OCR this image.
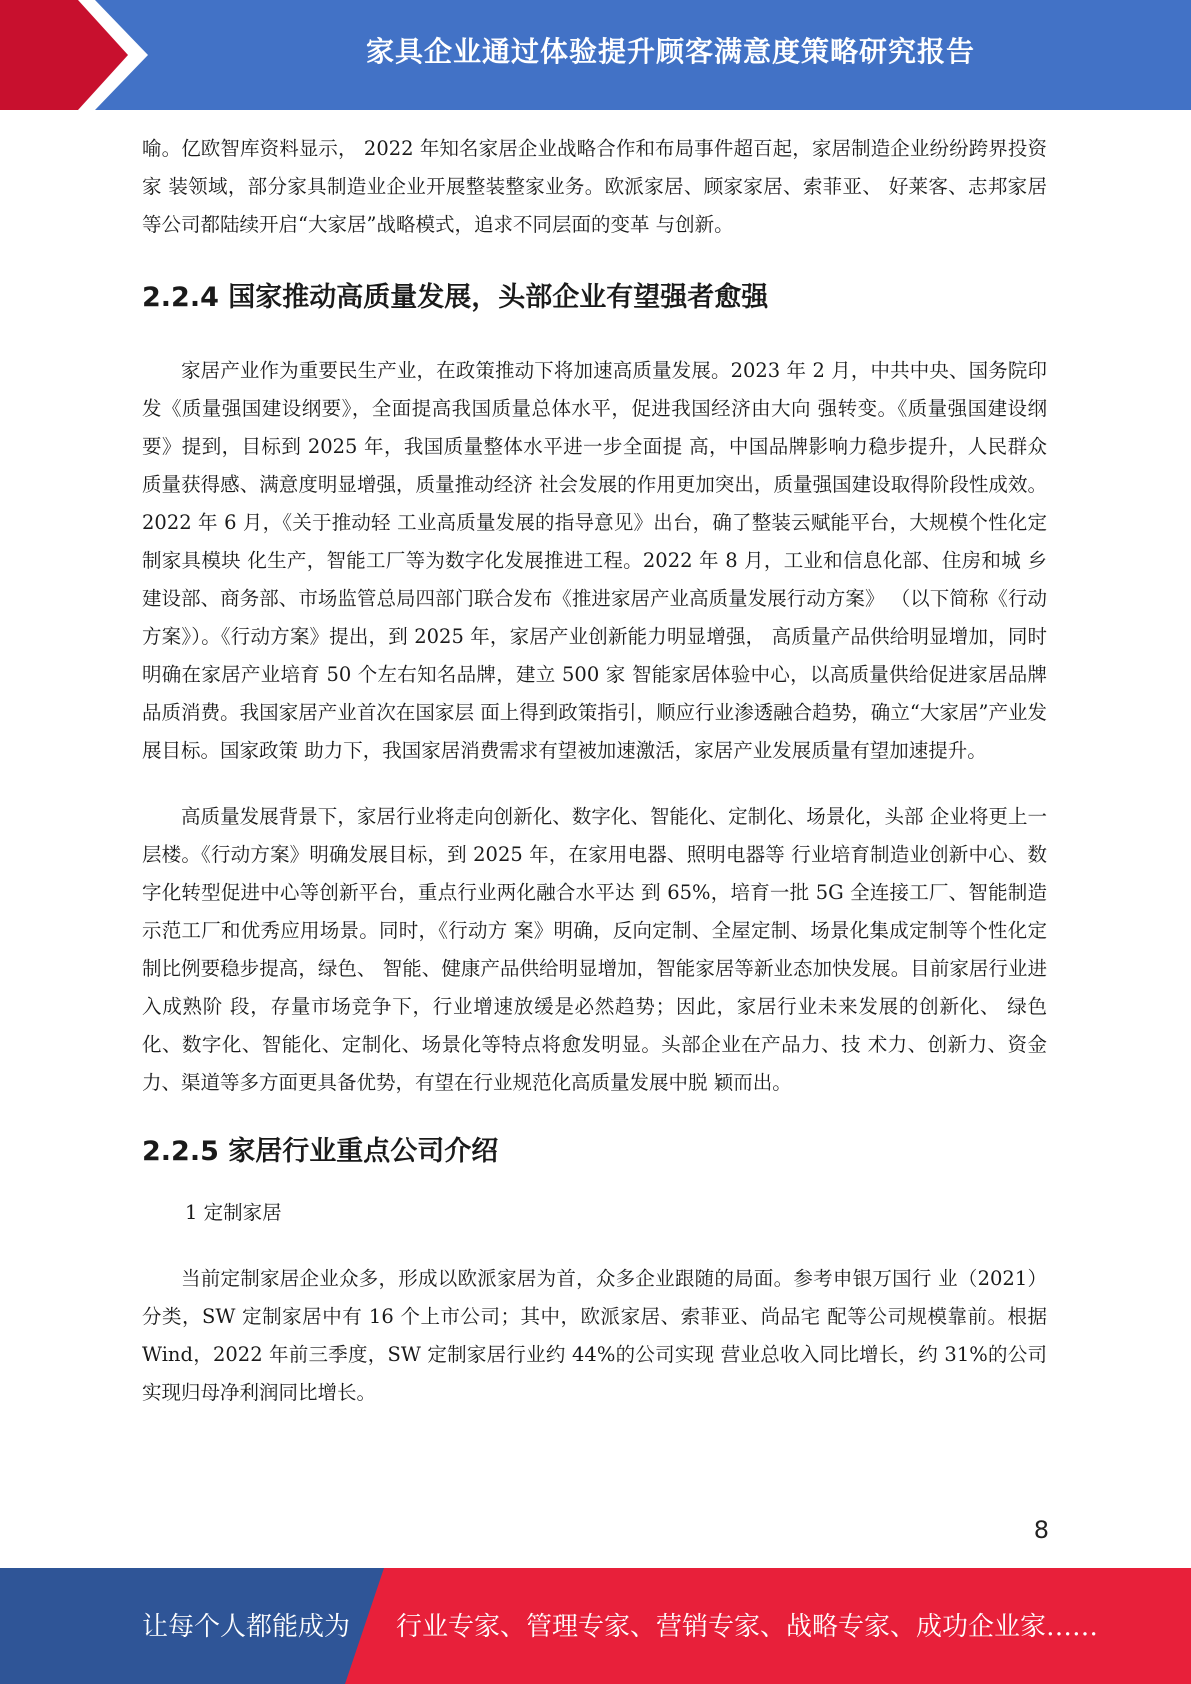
家具企业通过体验提升顾客满意度策略研究报告

喻。亿欧智库资料显示， 2022 年知名家居企业战略合作和布局事件超百起，家居制造企业纷纷跨界投资家 装领域，部分家具制造业企业开展整装整家业务。欧派家居、顾家家居、索菲亚、 好莱客、志邦家居等公司都陆续开启“大家居”战略模式，追求不同层面的变革 与创新。

2.2.4 国家推动高质量发展，头部企业有望强者愈强

家居产业作为重要民生产业，在政策推动下将加速高质量发展。2023 年 2 月，中共中央、国务院印发《质量强国建设纲要》，全面提高我国质量总体水平，促进我国经济由大向 强转变。《质量强国建设纲要》提到，目标到 2025 年，我国质量整体水平进一步全面提 高，中国品牌影响力稳步提升，人民群众质量获得感、满意度明显增强，质量推动经济 社会发展的作用更加突出，质量强国建设取得阶段性成效。2022 年 6 月，《关于推动轻 工业高质量发展的指导意见》出台，确了整装云赋能平台，大规模个性化定制家具模块 化生产，智能工厂等为数字化发展推进工程。2022 年 8 月，工业和信息化部、住房和城 乡建设部、商务部、市场监管总局四部门联合发布《推进家居产业高质量发展行动方案》 （以下简称《行动方案》）。《行动方案》提出，到 2025 年，家居产业创新能力明显增强， 高质量产品供给明显增加，同时明确在家居产业培育 50 个左右知名品牌，建立 500 家 智能家居体验中心，以高质量供给促进家居品牌品质消费。我国家居产业首次在国家层 面上得到政策指引，顺应行业渗透融合趋势，确立“大家居”产业发展目标。国家政策 助力下，我国家居消费需求有望被加速激活，家居产业发展质量有望加速提升。

高质量发展背景下，家居行业将走向创新化、数字化、智能化、定制化、场景化，头部 企业将更上一层楼。《行动方案》明确发展目标，到 2025 年，在家用电器、照明电器等 行业培育制造业创新中心、数字化转型促进中心等创新平台，重点行业两化融合水平达 到 65%，培育一批 5G 全连接工厂、智能制造示范工厂和优秀应用场景。同时，《行动方 案》明确，反向定制、全屋定制、场景化集成定制等个性化定制比例要稳步提高，绿色、 智能、健康产品供给明显增加，智能家居等新业态加快发展。目前家居行业进入成熟阶 段，存量市场竞争下，行业增速放缓是必然趋势；因此，家居行业未来发展的创新化、 绿色化、数字化、智能化、定制化、场景化等特点将愈发明显。头部企业在产品力、技 术力、创新力、资金力、渠道等多方面更具备优势，有望在行业规范化高质量发展中脱 颖而出。

2.2.5 家居行业重点公司介绍
1 定制家居

当前定制家居企业众多，形成以欧派家居为首，众多企业跟随的局面。参考申银万国行 业（2021）分类，SW 定制家居中有 16 个上市公司；其中，欧派家居、索菲亚、尚品宅 配等公司规模靠前。根据 Wind，2022 年前三季度，SW 定制家居行业约 44%的公司实现 营业总收入同比增长，约 31%的公司实现归母净利润同比增长。

8
让每个人都能成为 行业专家、管理专家、营销专家、战略专家、成功企业家……
